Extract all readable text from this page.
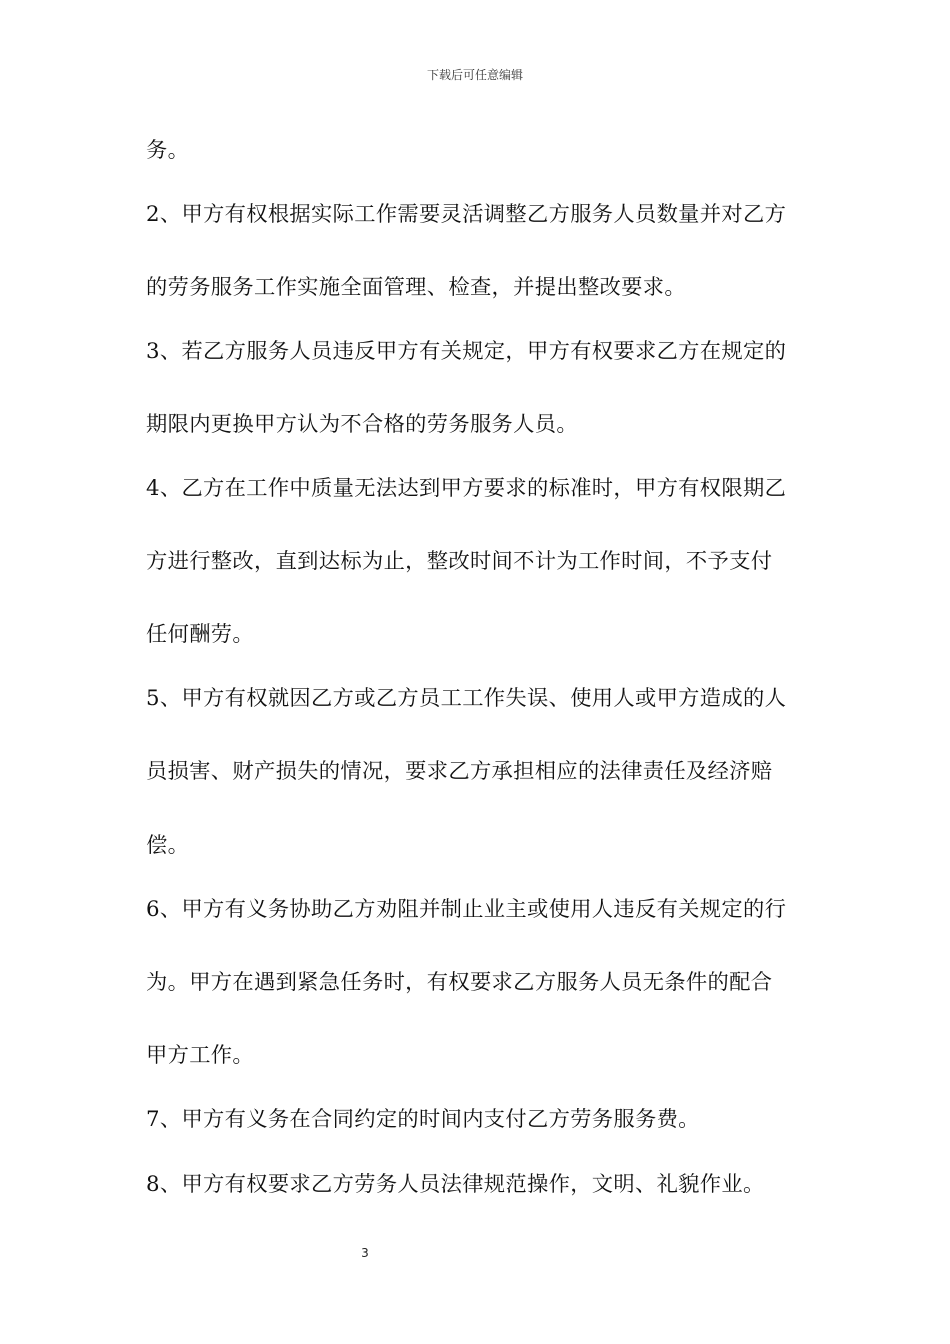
下载后可任意编辑
务。
2、甲方有权根据实际工作需要灵活调整乙方服务人员数量并对乙方
的劳务服务工作实施全面管理、检查，并提出整改要求。
3、若乙方服务人员违反甲方有关规定，甲方有权要求乙方在规定的
期限内更换甲方认为不合格的劳务服务人员。
4、乙方在工作中质量无法达到甲方要求的标准时，甲方有权限期乙
方进行整改，直到达标为止，整改时间不计为工作时间，不予支付
任何酬劳。
5、甲方有权就因乙方或乙方员工工作失误、使用人或甲方造成的人
员损害、财产损失的情况，要求乙方承担相应的法律责任及经济赔
偿。
6、甲方有义务协助乙方劝阻并制止业主或使用人违反有关规定的行
为。甲方在遇到紧急任务时，有权要求乙方服务人员无条件的配合
甲方工作。
7、甲方有义务在合同约定的时间内支付乙方劳务服务费。
8、甲方有权要求乙方劳务人员法律规范操作，文明、礼貌作业。
3
